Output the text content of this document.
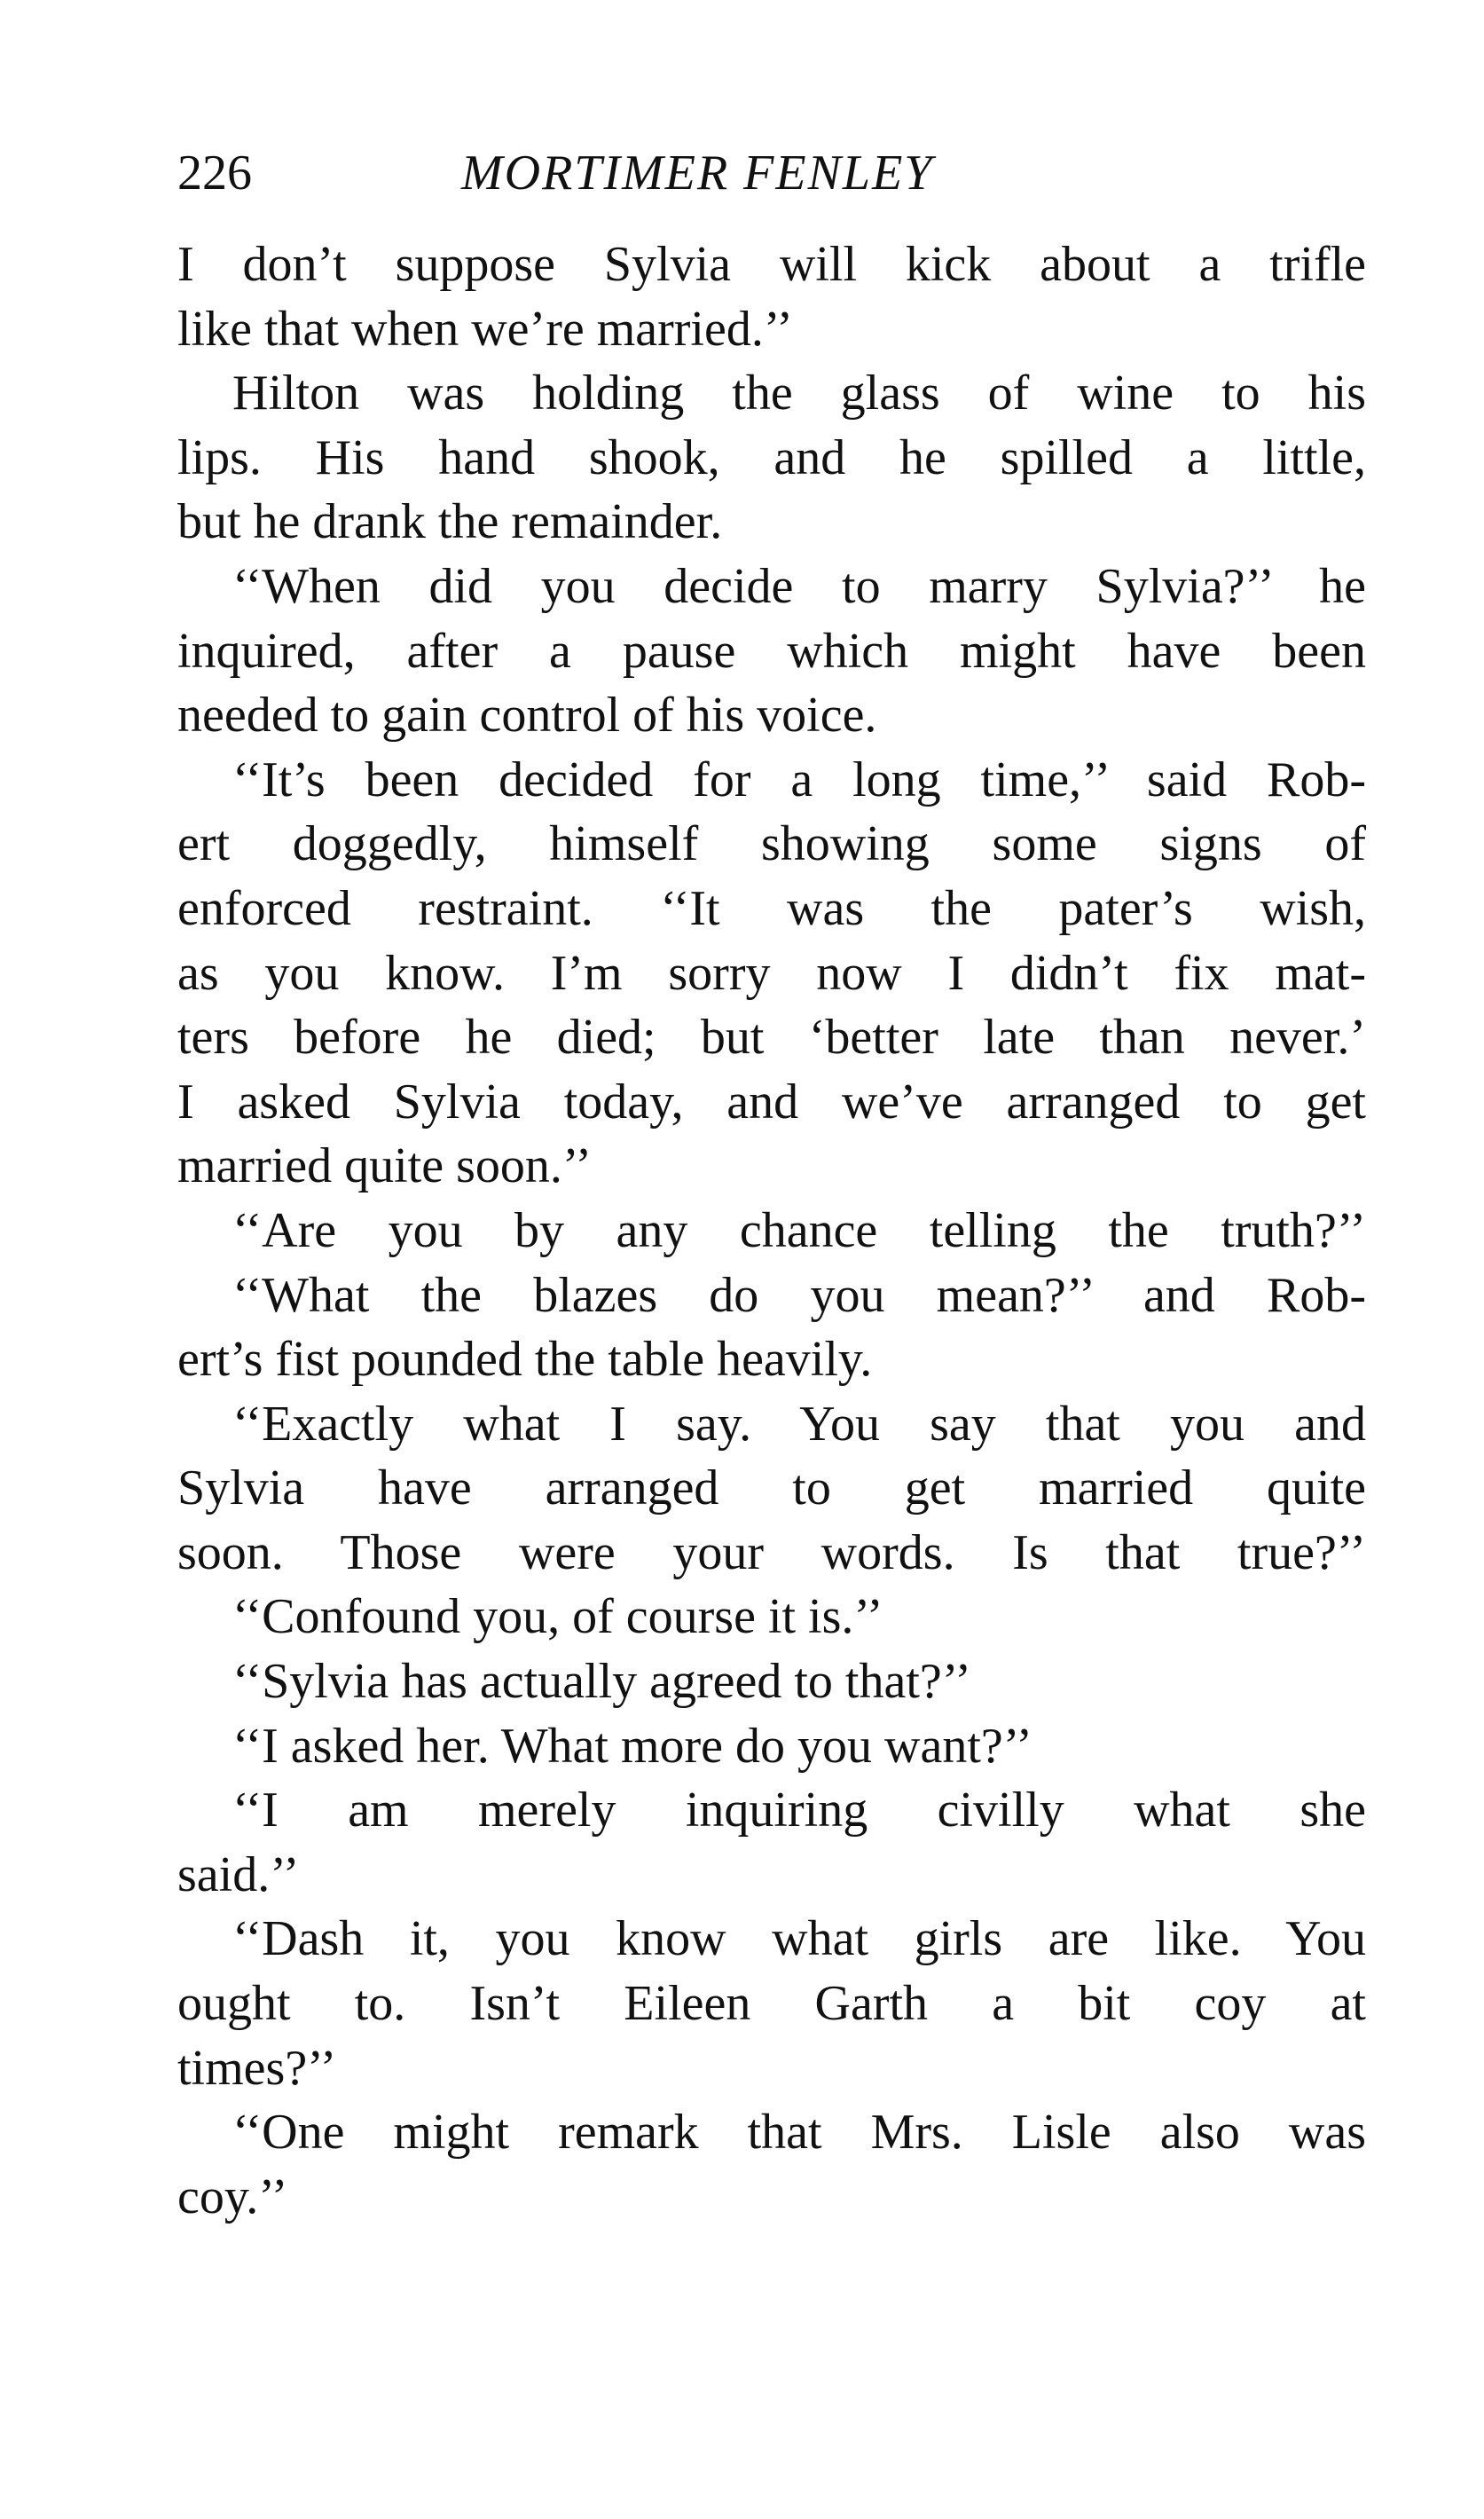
226	MORTIMER FENLEY
I don’t suppose Sylvia will kick about a trifle
like that when we’re married.’’
Hilton was holding the glass of wine to his
lips. His hand shook, and he spilled a little,
but he drank the remainder.
‘‘When did you decide to marry Sylvia?’’ he
inquired, after a pause which might have been
needed to gain control of his voice.
‘‘It’s been decided for a long time,’’ said Rob-
ert doggedly, himself showing some signs of
enforced restraint. ‘‘It was the pater’s wish,
as you know. I’m sorry now I didn’t fix mat-
ters before he died; but ‘better late than never.’
I asked Sylvia today, and we’ve arranged to get
married quite soon.’’
‘‘Are you by any chance telling the truth?’’
‘‘What the blazes do you mean?’’ and Rob-
ert’s fist pounded the table heavily.
‘‘Exactly what I say. You say that you and
Sylvia have arranged to get married quite
soon. Those were your words. Is that true?’’
‘‘Confound you, of course it is.’’
‘‘Sylvia has actually agreed to that?’’
‘‘I asked her. What more do you want?’’
‘‘I am merely inquiring civilly what she
said.’’
‘‘Dash it, you know what girls are like. You
ought to. Isn’t Eileen Garth a bit coy at
times?’’
‘‘One might remark that Mrs. Lisle also was
coy.’’
